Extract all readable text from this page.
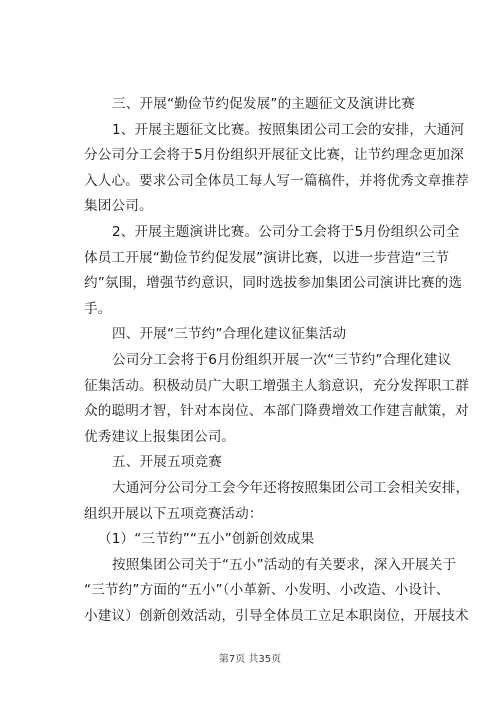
三、开展“勤俭节约促发展”的主题征文及演讲比赛
1、开展主题征文比赛。按照集团公司工会的安排，大通河
分公司分工会将于5月份组织开展征文比赛，让节约理念更加深
入人心。要求公司全体员工每人写一篇稿件，并将优秀文章推荐
集团公司。
2、开展主题演讲比赛。公司分工会将于5月份组织公司全
体员工开展“勤俭节约促发展”演讲比赛，以进一步营造“三节
约”氛围，增强节约意识，同时选拔参加集团公司演讲比赛的选
手。
四、开展“三节约”合理化建议征集活动
公司分工会将于6月份组织开展一次“三节约”合理化建议
征集活动。积极动员广大职工增强主人翁意识，充分发挥职工群
众的聪明才智，针对本岗位、本部门降费增效工作建言献策，对
优秀建议上报集团公司。
五、开展五项竞赛
大通河分公司分工会今年还将按照集团公司工会相关安排，
组织开展以下五项竞赛活动：
（1）“三节约”“五小”创新创效成果
按照集团公司关于“五小”活动的有关要求，深入开展关于
“三节约”方面的“五小”（小革新、小发明、小改造、小设计、
小建议）创新创效活动，引导全体员工立足本职岗位，开展技术
第7页 共35页
